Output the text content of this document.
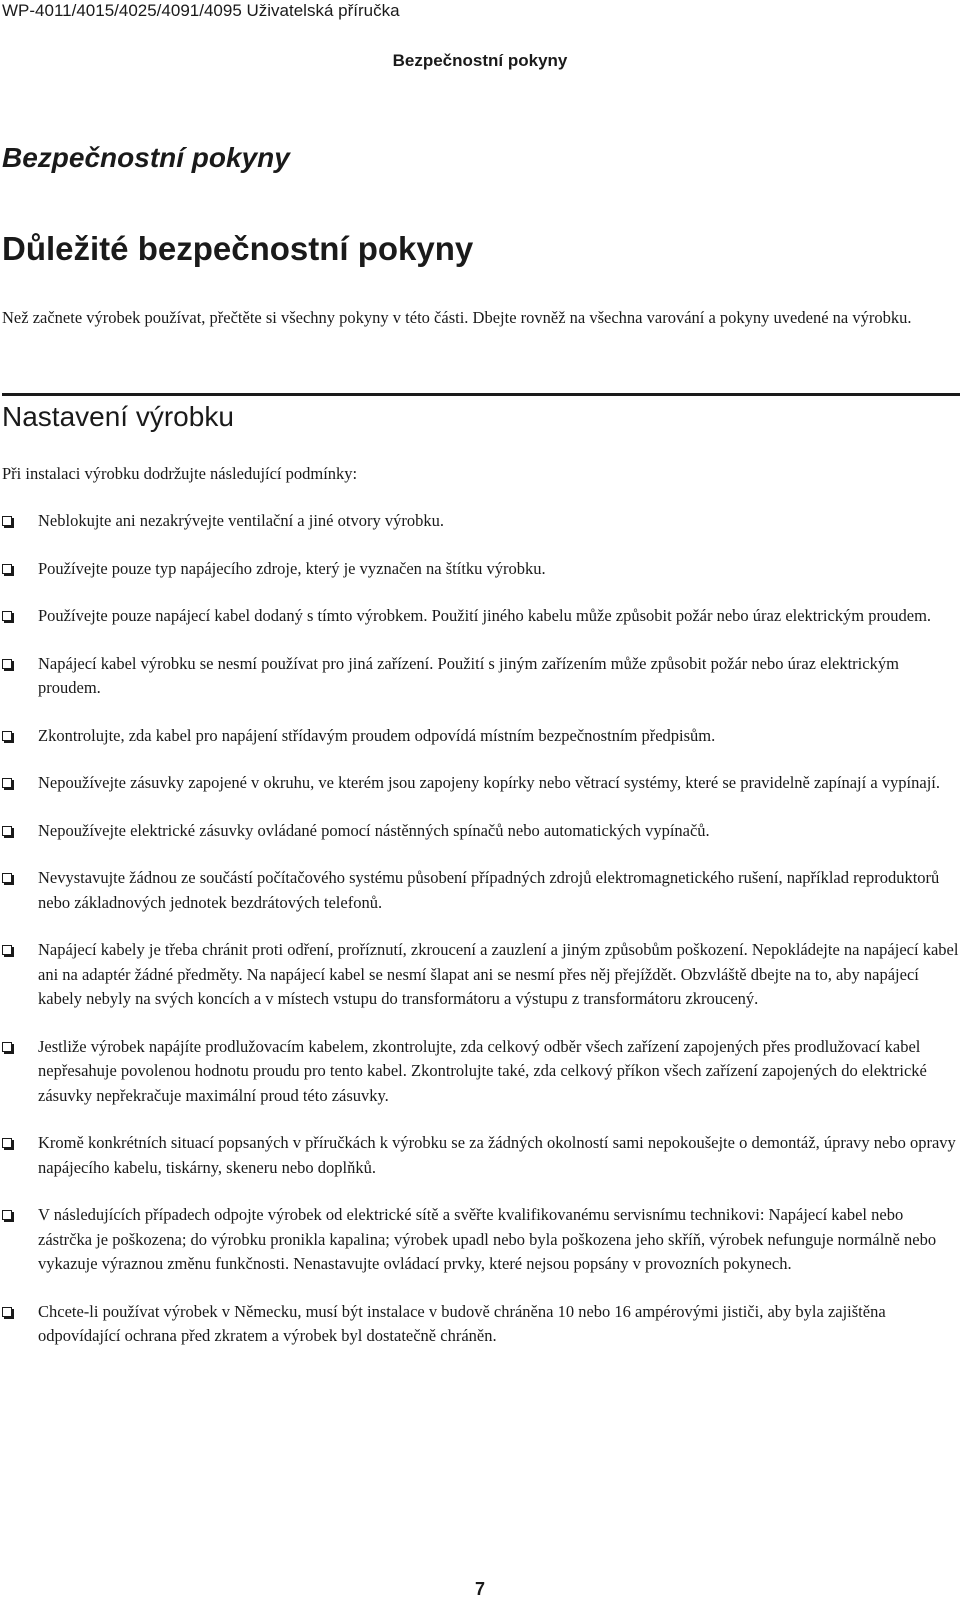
WP-4011/4015/4025/4091/4095 Uživatelská příručka
Bezpečnostní pokyny
Bezpečnostní pokyny
Důležité bezpečnostní pokyny

Než začnete výrobek používat, přečtěte si všechny pokyny v této části. Dbejte rovněž na všechna varování a pokyny uvedené na výrobku.

Nastavení výrobku

Při instalaci výrobku dodržujte následující podmínky:

Neblokujte ani nezakrývejte ventilační a jiné otvory výrobku.
Používejte pouze typ napájecího zdroje, který je vyznačen na štítku výrobku.
Používejte pouze napájecí kabel dodaný s tímto výrobkem. Použití jiného kabelu může způsobit požár nebo úraz elektrickým proudem.
Napájecí kabel výrobku se nesmí používat pro jiná zařízení. Použití s jiným zařízením může způsobit požár nebo úraz elektrickým proudem.
Zkontrolujte, zda kabel pro napájení střídavým proudem odpovídá místním bezpečnostním předpisům.
Nepoužívejte zásuvky zapojené v okruhu, ve kterém jsou zapojeny kopírky nebo větrací systémy, které se pravidelně zapínají a vypínají.
Nepoužívejte elektrické zásuvky ovládané pomocí nástěnných spínačů nebo automatických vypínačů.
Nevystavujte žádnou ze součástí počítačového systému působení případných zdrojů elektromagnetického rušení, například reproduktorů nebo základnových jednotek bezdrátových telefonů.
Napájecí kabely je třeba chránit proti odření, proříznutí, zkroucení a zauzlení a jiným způsobům poškození. Nepokládejte na napájecí kabel ani na adaptér žádné předměty. Na napájecí kabel se nesmí šlapat ani se nesmí přes něj přejíždět. Obzvláště dbejte na to, aby napájecí kabely nebyly na svých koncích a v místech vstupu do transformátoru a výstupu z transformátoru zkroucený.
Jestliže výrobek napájíte prodlužovacím kabelem, zkontrolujte, zda celkový odběr všech zařízení zapojených přes prodlužovací kabel nepřesahuje povolenou hodnotu proudu pro tento kabel. Zkontrolujte také, zda celkový příkon všech zařízení zapojených do elektrické zásuvky nepřekračuje maximální proud této zásuvky.
Kromě konkrétních situací popsaných v příručkách k výrobku se za žádných okolností sami nepokoušejte o demontáž, úpravy nebo opravy napájecího kabelu, tiskárny, skeneru nebo doplňků.
V následujících případech odpojte výrobek od elektrické sítě a svěřte kvalifikovanému servisnímu technikovi: Napájecí kabel nebo zástrčka je poškozena; do výrobku pronikla kapalina; výrobek upadl nebo byla poškozena jeho skříň, výrobek nefunguje normálně nebo vykazuje výraznou změnu funkčnosti. Nenastavujte ovládací prvky, které nejsou popsány v provozních pokynech.
Chcete-li používat výrobek v Německu, musí být instalace v budově chráněna 10 nebo 16 ampérovými jističi, aby byla zajištěna odpovídající ochrana před zkratem a výrobek byl dostatečně chráněn.
7
